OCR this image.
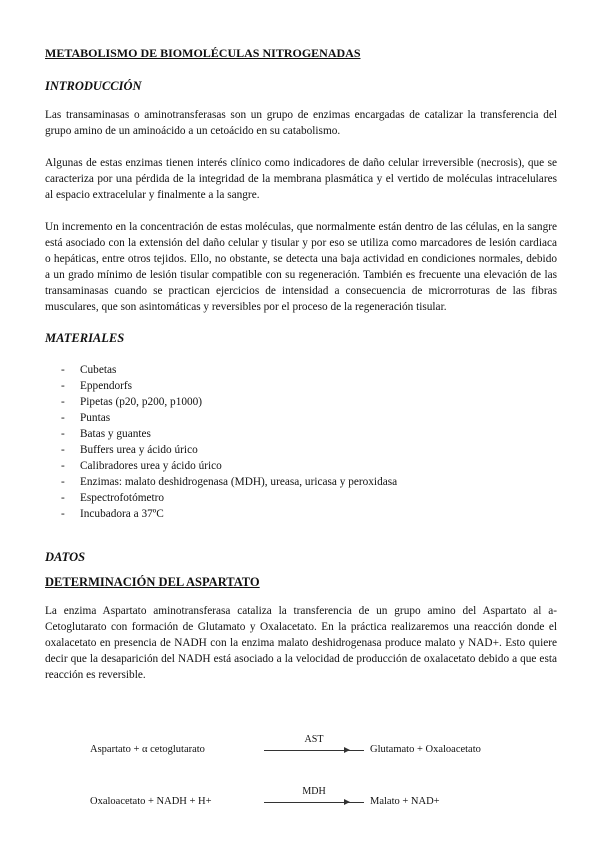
METABOLISMO DE BIOMOLÉCULAS NITROGENADAS
INTRODUCCIÓN

Las transaminasas o aminotransferasas son un grupo de enzimas encargadas de catalizar la transferencia del grupo amino de un aminoácido a un cetoácido en su catabolismo.

Algunas de estas enzimas tienen interés clínico como indicadores de daño celular irreversible (necrosis), que se caracteriza por una pérdida de la integridad de la membrana plasmática y el vertido de moléculas intracelulares al espacio extracelular y finalmente a la sangre.

Un incremento en la concentración de estas moléculas, que normalmente están dentro de las células, en la sangre está asociado con la extensión del daño celular y tisular y por eso se utiliza como marcadores de lesión cardiaca o hepáticas, entre otros tejidos. Ello, no obstante, se detecta una baja actividad en condiciones normales, debido a un grado mínimo de lesión tisular compatible con su regeneración. También es frecuente una elevación de las transaminasas cuando se practican ejercicios de intensidad a consecuencia de microrroturas de las fibras musculares, que son asintomáticas y reversibles por el proceso de la regeneración tisular.

MATERIALES
- Cubetas
- Eppendorfs
- Pipetas (p20, p200, p1000)
- Puntas
- Batas y guantes
- Buffers urea y ácido úrico
- Calibradores urea y ácido úrico
- Enzimas: malato deshidrogenasa (MDH), ureasa, uricasa y peroxidasa
- Espectrofotómetro
- Incubadora a 37ºC
DATOS
DETERMINACIÓN DEL ASPARTATO

La enzima Aspartato aminotransferasa cataliza la transferencia de un grupo amino del Aspartato al a-Cetoglutarato con formación de Glutamato y Oxalacetato. En la práctica realizaremos una reacción donde el oxalacetato en presencia de NADH con la enzima malato deshidrogenasa produce malato y NAD+. Esto quiere decir que la desaparición del NADH está asociado a la velocidad de producción de oxalacetato debido a que esta reacción es reversible.

Aspartato + α cetoglutarato
AST
Glutamato + Oxaloacetato
Oxaloacetato + NADH + H+
MDH
Malato + NAD+
